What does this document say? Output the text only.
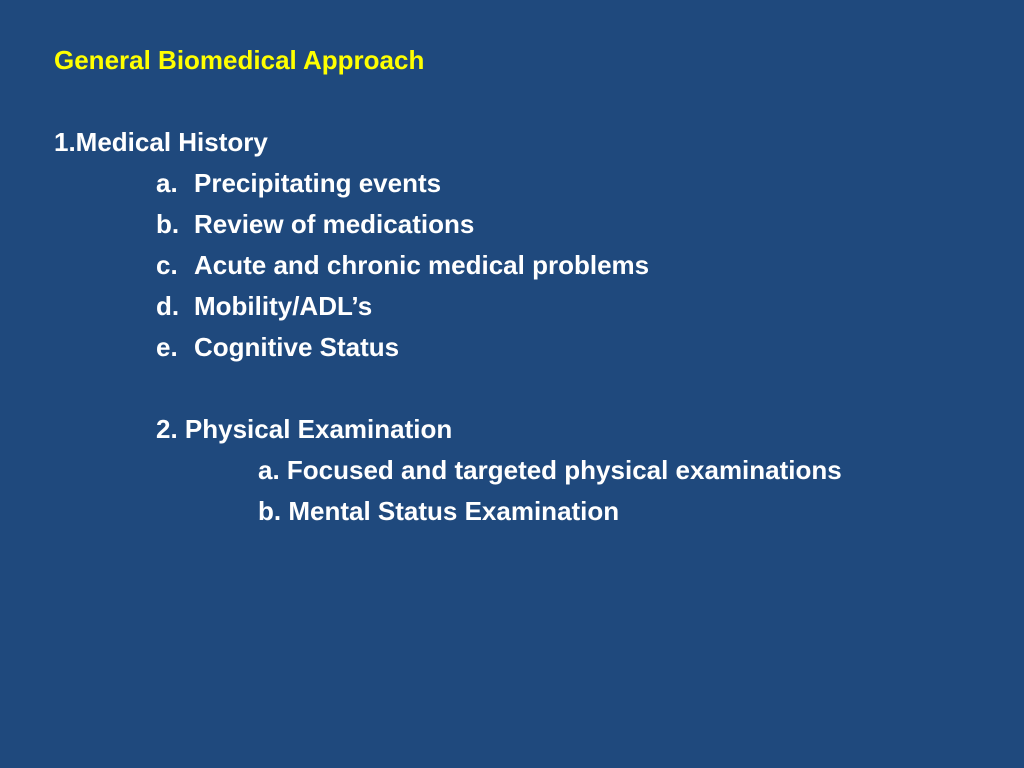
General Biomedical Approach
1.Medical History
a. Precipitating events
b. Review of medications
c. Acute and chronic medical problems
d. Mobility/ADL’s
e. Cognitive Status
2. Physical Examination
a. Focused and targeted physical examinations
b. Mental Status Examination
